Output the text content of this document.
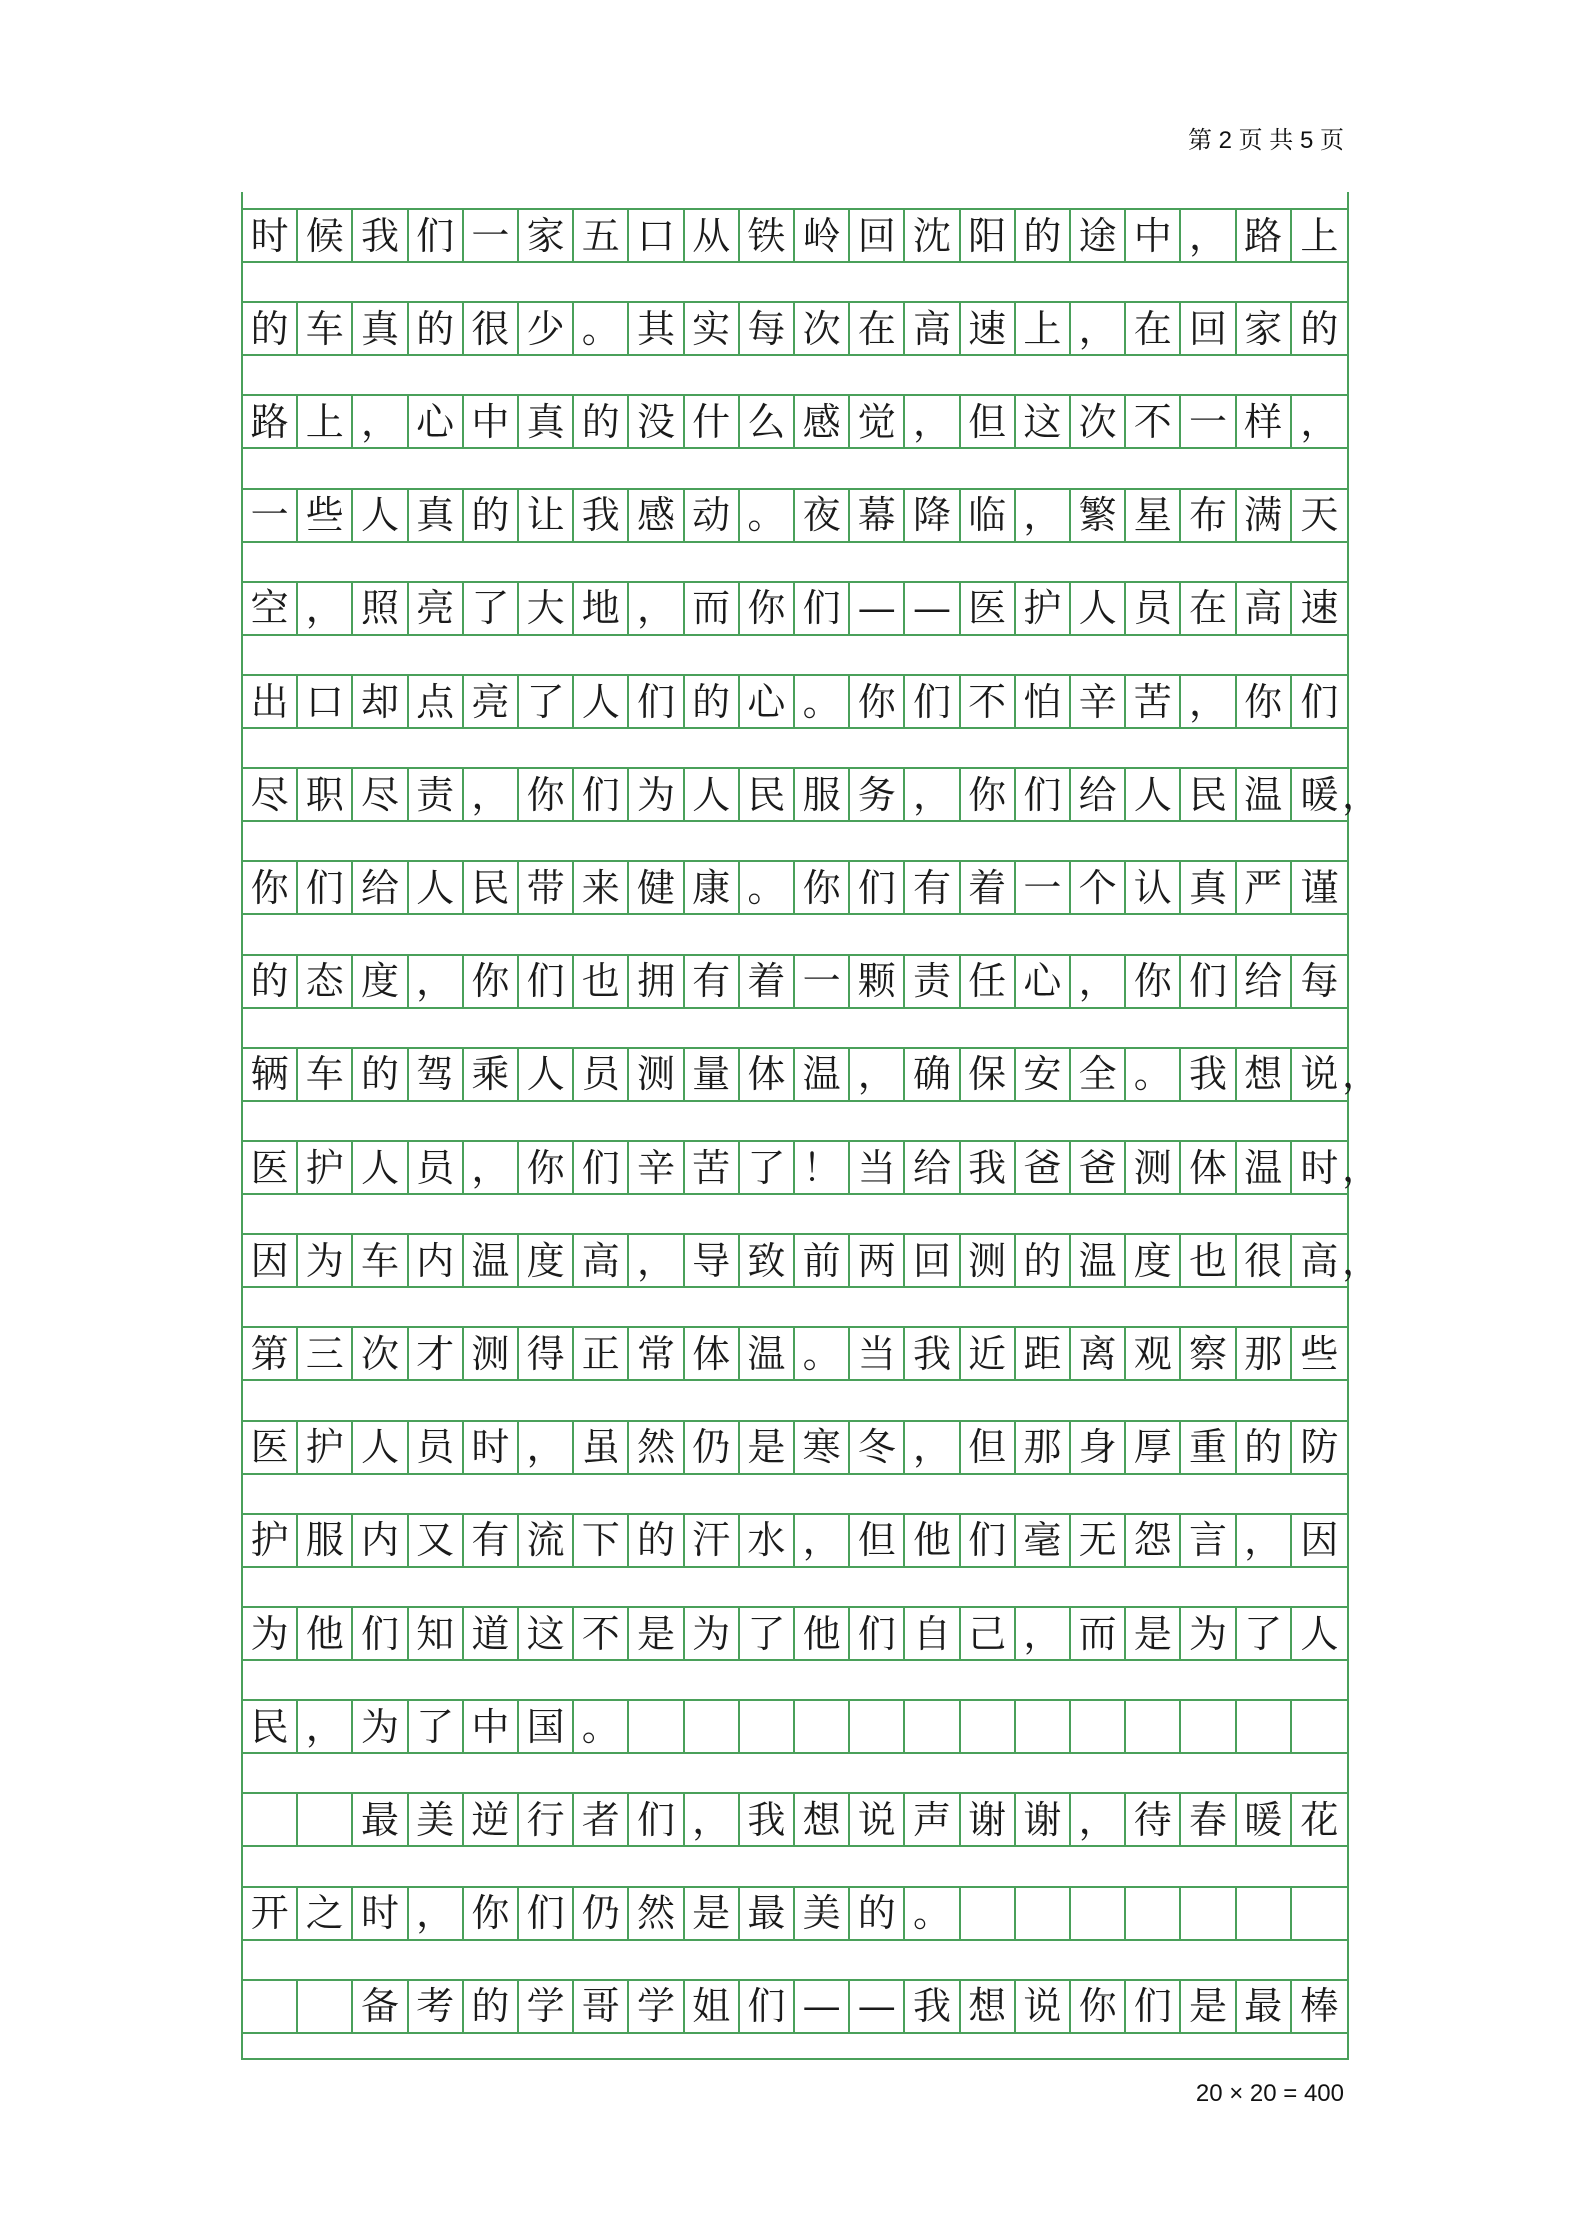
第 2 页 共 5 页
时 候 我 们 一 家 五 口 从 铁 岭 回 沈 阳 的 途 中 ， 路 上
的 车 真 的 很 少 。 其 实 每 次 在 高 速 上 ， 在 回 家 的
路 上 ， 心 中 真 的 没 什 么 感 觉 ， 但 这 次 不 一 样 ，
一 些 人 真 的 让 我 感 动 。 夜 幕 降 临 ， 繁 星 布 满 天
空 ， 照 亮 了 大 地 ， 而 你 们 — — 医 护 人 员 在 高 速
出 口 却 点 亮 了 人 们 的 心 。 你 们 不 怕 辛 苦 ， 你 们
尽 职 尽 责 ， 你 们 为 人 民 服 务 ， 你 们 给 人 民 温 暖 ，
你 们 给 人 民 带 来 健 康 。 你 们 有 着 一 个 认 真 严 谨
的 态 度 ， 你 们 也 拥 有 着 一 颗 责 任 心 ， 你 们 给 每
辆 车 的 驾 乘 人 员 测 量 体 温 ， 确 保 安 全 。 我 想 说 ，
医 护 人 员 ， 你 们 辛 苦 了 ！ 当 给 我 爸 爸 测 体 温 时 ，
因 为 车 内 温 度 高 ， 导 致 前 两 回 测 的 温 度 也 很 高 ，
第 三 次 才 测 得 正 常 体 温 。 当 我 近 距 离 观 察 那 些
医 护 人 员 时 ， 虽 然 仍 是 寒 冬 ， 但 那 身 厚 重 的 防
护 服 内 又 有 流 下 的 汗 水 ， 但 他 们 毫 无 怨 言 ， 因
为 他 们 知 道 这 不 是 为 了 他 们 自 己 ， 而 是 为 了 人
民 ， 为 了 中 国 。
最 美 逆 行 者 们 ， 我 想 说 声 谢 谢 ， 待 春 暖 花
开 之 时 ， 你 们 仍 然 是 最 美 的 。
备 考 的 学 哥 学 姐 们 — — 我 想 说 你 们 是 最 棒
20 × 20 = 400
